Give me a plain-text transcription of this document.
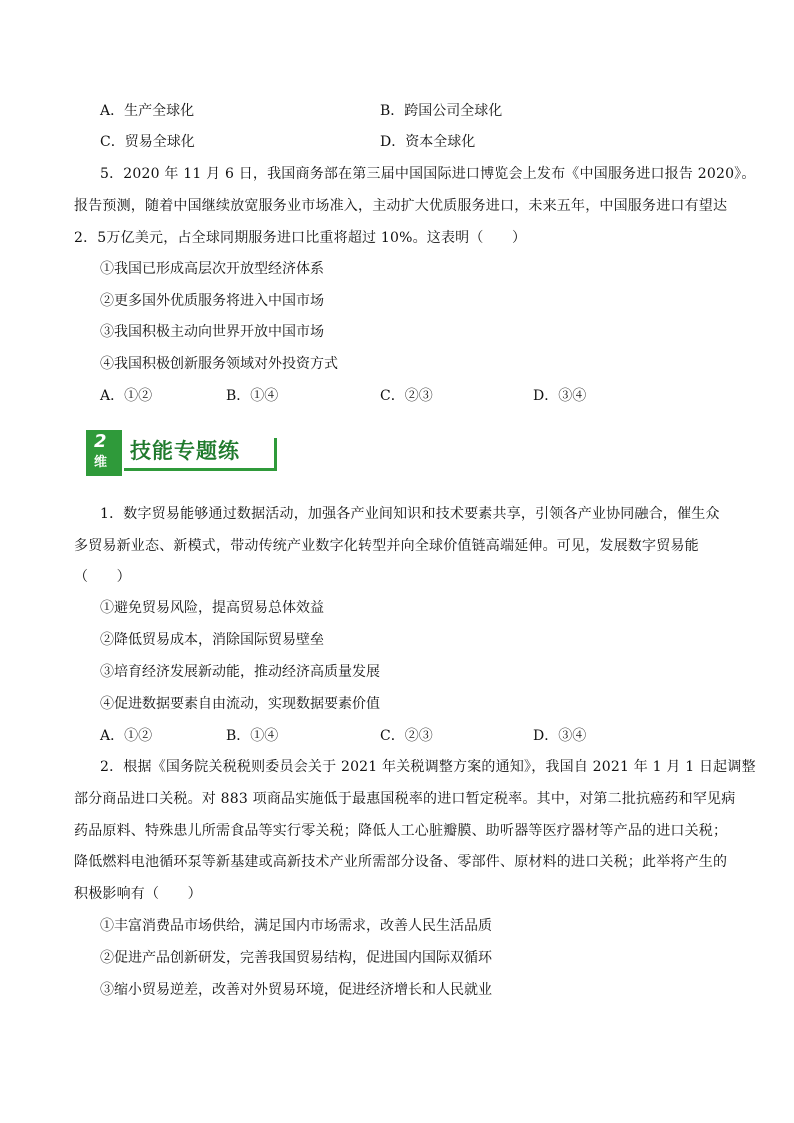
A．生产全球化	B．跨国公司全球化
C．贸易全球化	D．资本全球化
5．2020 年 11 月 6 日，我国商务部在第三届中国国际进口博览会上发布《中国服务进口报告 2020》。
报告预测，随着中国继续放宽服务业市场准入，主动扩大优质服务进口，未来五年，中国服务进口有望达
2．5万亿美元，占全球同期服务进口比重将超过 10%。这表明（　　）
①我国已形成高层次开放型经济体系
②更多国外优质服务将进入中国市场
③我国积极主动向世界开放中国市场
④我国积极创新服务领域对外投资方式
A．①②	B．①④	C．②③	D．③④
2
维 技能专题练
1．数字贸易能够通过数据活动，加强各产业间知识和技术要素共享，引领各产业协同融合，催生众
多贸易新业态、新模式，带动传统产业数字化转型并向全球价值链高端延伸。可见，发展数字贸易能
（　　）
①避免贸易风险，提高贸易总体效益
②降低贸易成本，消除国际贸易壁垒
③培育经济发展新动能，推动经济高质量发展
④促进数据要素自由流动，实现数据要素价值
A．①②	B．①④	C．②③	D．③④
2．根据《国务院关税税则委员会关于 2021 年关税调整方案的通知》，我国自 2021 年 1 月 1 日起调整
部分商品进口关税。对 883 项商品实施低于最惠国税率的进口暂定税率。其中，对第二批抗癌药和罕见病
药品原料、特殊患儿所需食品等实行零关税；降低人工心脏瓣膜、助听器等医疗器材等产品的进口关税；
降低燃料电池循环泵等新基建或高新技术产业所需部分设备、零部件、原材料的进口关税；此举将产生的
积极影响有（　　）
①丰富消费品市场供给，满足国内市场需求，改善人民生活品质
②促进产品创新研发，完善我国贸易结构，促进国内国际双循环
③缩小贸易逆差，改善对外贸易环境，促进经济增长和人民就业
